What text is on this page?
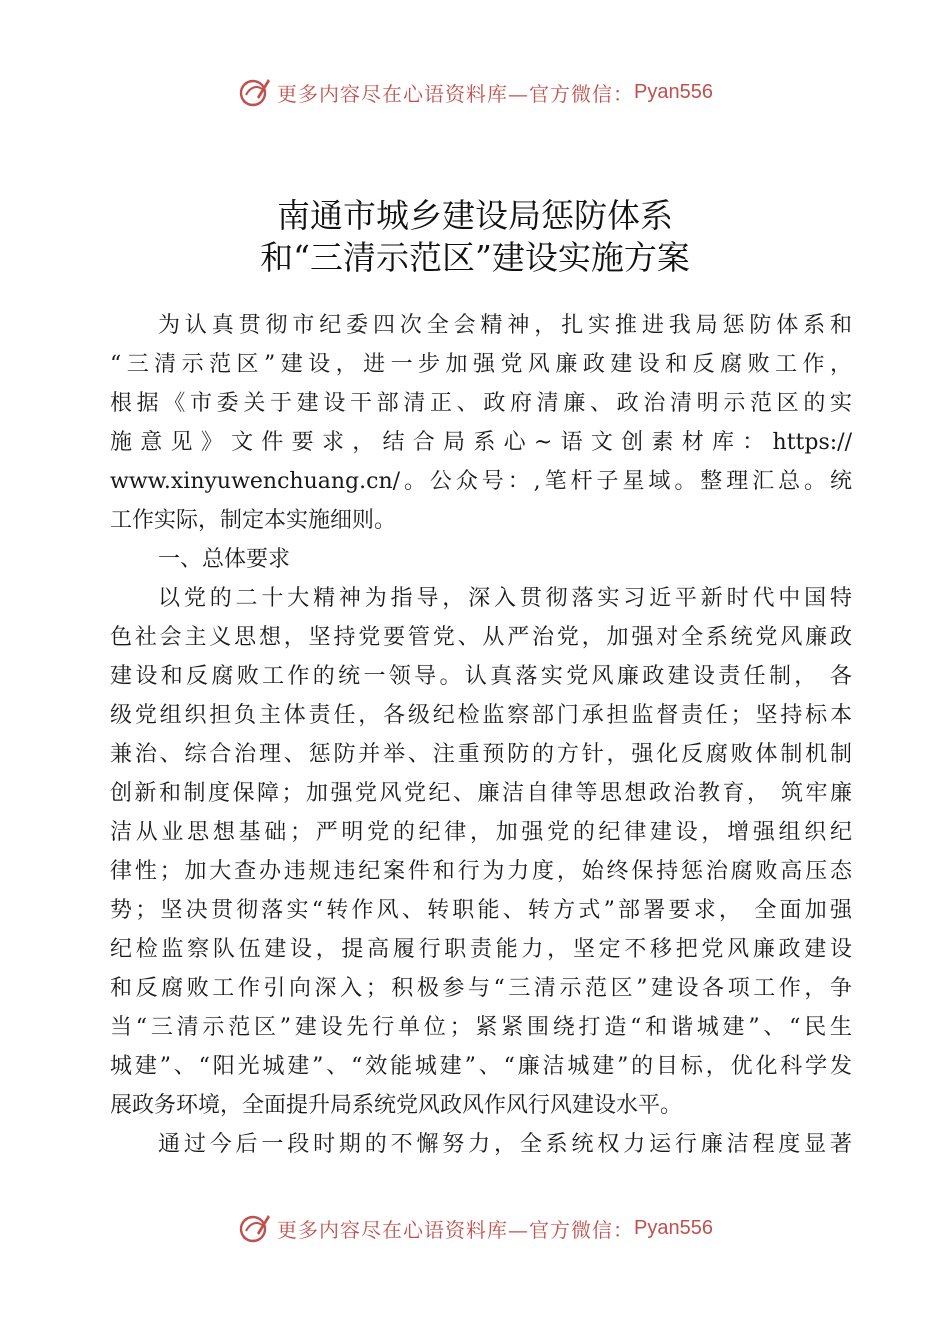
更多内容尽在心语资料库—官方微信： Pyan556
南通市城乡建设局惩防体系
和“三清示范区”建设实施方案
为认真贯彻市纪委四次全会精神，扎实推进我局惩防体系和
“三清示范区”建设，进一步加强党风廉政建设和反腐败工作，
根据《市委关于建设干部清正、政府清廉、政治清明示范区的实
施意见》文件要求，结合局系心~语文创素材库：https://
www.xinyuwenchuang.cn/。公众号：,笔杆子星域。整理汇总。统
工作实际，制定本实施细则。
一、总体要求
以党的二十大精神为指导，深入贯彻落实习近平新时代中国特
色社会主义思想，坚持党要管党、从严治党，加强对全系统党风廉政
建设和反腐败工作的统一领导。认真落实党风廉政建设责任制， 各
级党组织担负主体责任，各级纪检监察部门承担监督责任；坚持标本
兼治、综合治理、惩防并举、注重预防的方针，强化反腐败体制机制
创新和制度保障；加强党风党纪、廉洁自律等思想政治教育， 筑牢廉
洁从业思想基础；严明党的纪律，加强党的纪律建设，增强组织纪
律性；加大查办违规违纪案件和行为力度，始终保持惩治腐败高压态
势；坚决贯彻落实“转作风、转职能、转方式”部署要求， 全面加强
纪检监察队伍建设，提高履行职责能力，坚定不移把党风廉政建设
和反腐败工作引向深入；积极参与“三清示范区”建设各项工作，争
当“三清示范区”建设先行单位；紧紧围绕打造“和谐城建”、“民生
城建”、“阳光城建”、“效能城建”、“廉洁城建”的目标，优化科学发
展政务环境，全面提升局系统党风政风作风行风建设水平。
通过今后一段时期的不懈努力，全系统权力运行廉洁程度显著
更多内容尽在心语资料库—官方微信： Pyan556
